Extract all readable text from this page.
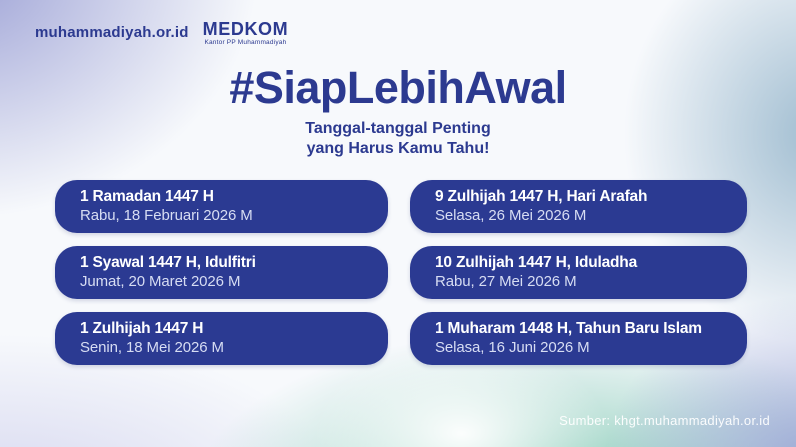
muhammadiyah.or.id MEDKOM
Kantor PP Muhammadiyah
#SiapLebihAwal
Tanggal-tanggal Penting
yang Harus Kamu Tahu!
1 Ramadan 1447 H
Rabu, 18 Februari 2026 M
1 Syawal 1447 H, Idulfitri
Jumat, 20 Maret 2026 M
1 Zulhijah 1447 H
Senin, 18 Mei 2026 M
9 Zulhijah 1447 H, Hari Arafah
Selasa, 26 Mei 2026 M
10 Zulhijah 1447 H, Iduladha
Rabu, 27 Mei 2026 M
1 Muharam 1448 H, Tahun Baru Islam
Selasa, 16 Juni 2026 M
Sumber: khgt.muhammadiyah.or.id
